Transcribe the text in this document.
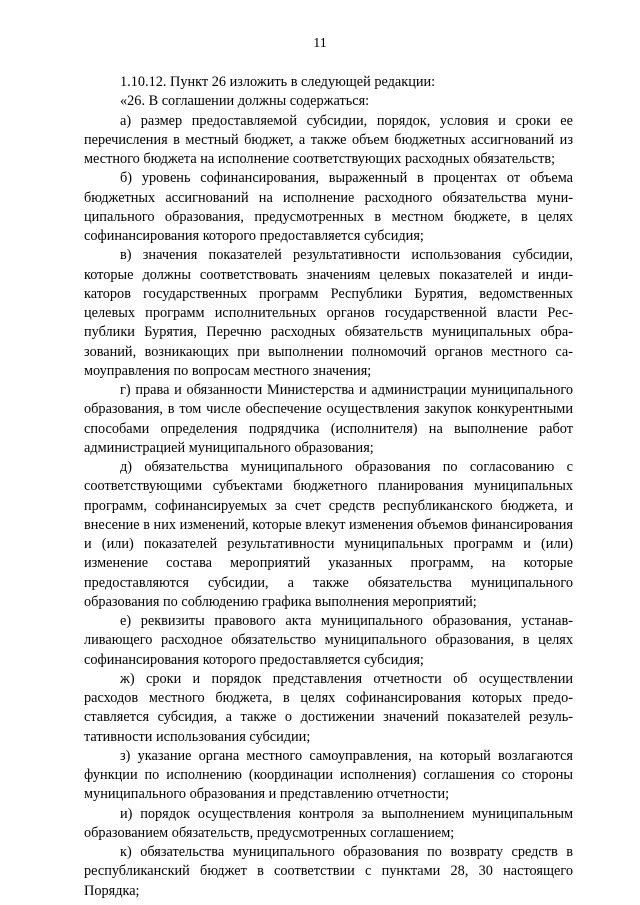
11

1.10.12. Пункт 26 изложить в следующей редакции:

«26. В соглашении должны содержаться:

а) размер предоставляемой субсидии, порядок, условия и сроки ее перечисления в местный бюджет, а также объем бюджетных ассигнований из местного бюджета на исполнение соответствующих расходных обязательств;

б) уровень софинансирования, выраженный в процентах от объема бюджетных ассигнований на исполнение расходного обязательства муниципального образования, предусмотренных в местном бюджете, в целях софинансирования которого предоставляется субсидия;

в) значения показателей результативности использования субсидии, которые должны соответствовать значениям целевых показателей и индикаторов государственных программ Республики Бурятия, ведомственных целевых программ исполнительных органов государственной власти Республики Бурятия, Перечню расходных обязательств муниципальных образований, возникающих при выполнении полномочий органов местного самоуправления по вопросам местного значения;

г) права и обязанности Министерства и администрации муниципального образования, в том числе обеспечение осуществления закупок конкурентными способами определения подрядчика (исполнителя) на выполнение работ администрацией муниципального образования;

д) обязательства муниципального образования по согласованию с соответствующими субъектами бюджетного планирования муниципальных программ, софинансируемых за счет средств республиканского бюджета, и внесение в них изменений, которые влекут изменения объемов финансирования и (или) показателей результативности муниципальных программ и (или) изменение состава мероприятий указанных программ, на которые предоставляются субсидии, а также обязательства муниципального образования по соблюдению графика выполнения мероприятий;

е) реквизиты правового акта муниципального образования, устанавливающего расходное обязательство муниципального образования, в целях софинансирования которого предоставляется субсидия;

ж) сроки и порядок представления отчетности об осуществлении расходов местного бюджета, в целях софинансирования которых предоставляется субсидия, а также о достижении значений показателей результативности использования субсидии;

з) указание органа местного самоуправления, на который возлагаются функции по исполнению (координации исполнения) соглашения со стороны муниципального образования и представлению отчетности;

и) порядок осуществления контроля за выполнением муниципальным образованием обязательств, предусмотренных соглашением;

к) обязательства муниципального образования по возврату средств в республиканский бюджет в соответствии с пунктами 28, 30 настоящего Порядка;
